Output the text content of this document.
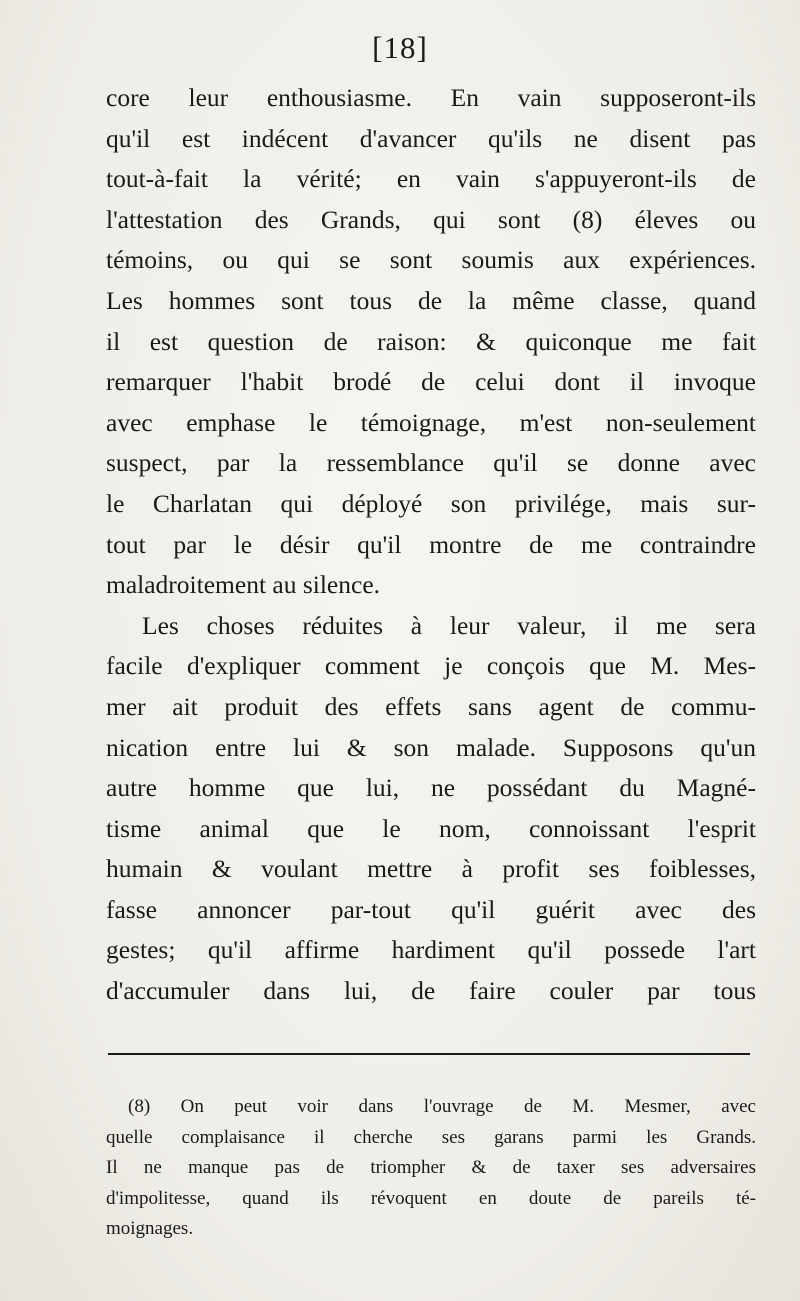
[18]
core leur enthousiasme. En vain supposeront-ils
qu'il est indécent d'avancer qu'ils ne disent pas
tout-à-fait la vérité; en vain s'appuyeront-ils de
l'attestation des Grands, qui sont (8) éleves ou
témoins, ou qui se sont soumis aux expériences.
Les hommes sont tous de la même classe, quand
il est question de raison: & quiconque me fait
remarquer l'habit brodé de celui dont il invoque
avec emphase le témoignage, m'est non-seulement
suspect, par la ressemblance qu'il se donne avec
le Charlatan qui déployé son privilége, mais sur-
tout par le désir qu'il montre de me contraindre
maladroitement au silence.
Les choses réduites à leur valeur, il me sera
facile d'expliquer comment je conçois que M. Mes-
mer ait produit des effets sans agent de commu-
nication entre lui & son malade. Supposons qu'un
autre homme que lui, ne possédant du Magné-
tisme animal que le nom, connoissant l'esprit
humain & voulant mettre à profit ses foiblesses,
fasse annoncer par-tout qu'il guérit avec des
gestes; qu'il affirme hardiment qu'il possede l'art
d'accumuler dans lui, de faire couler par tous
(8) On peut voir dans l'ouvrage de M. Mesmer, avec
quelle complaisance il cherche ses garans parmi les Grands.
Il ne manque pas de triompher & de taxer ses adversaires
d'impolitesse, quand ils révoquent en doute de pareils té-
moignages.
